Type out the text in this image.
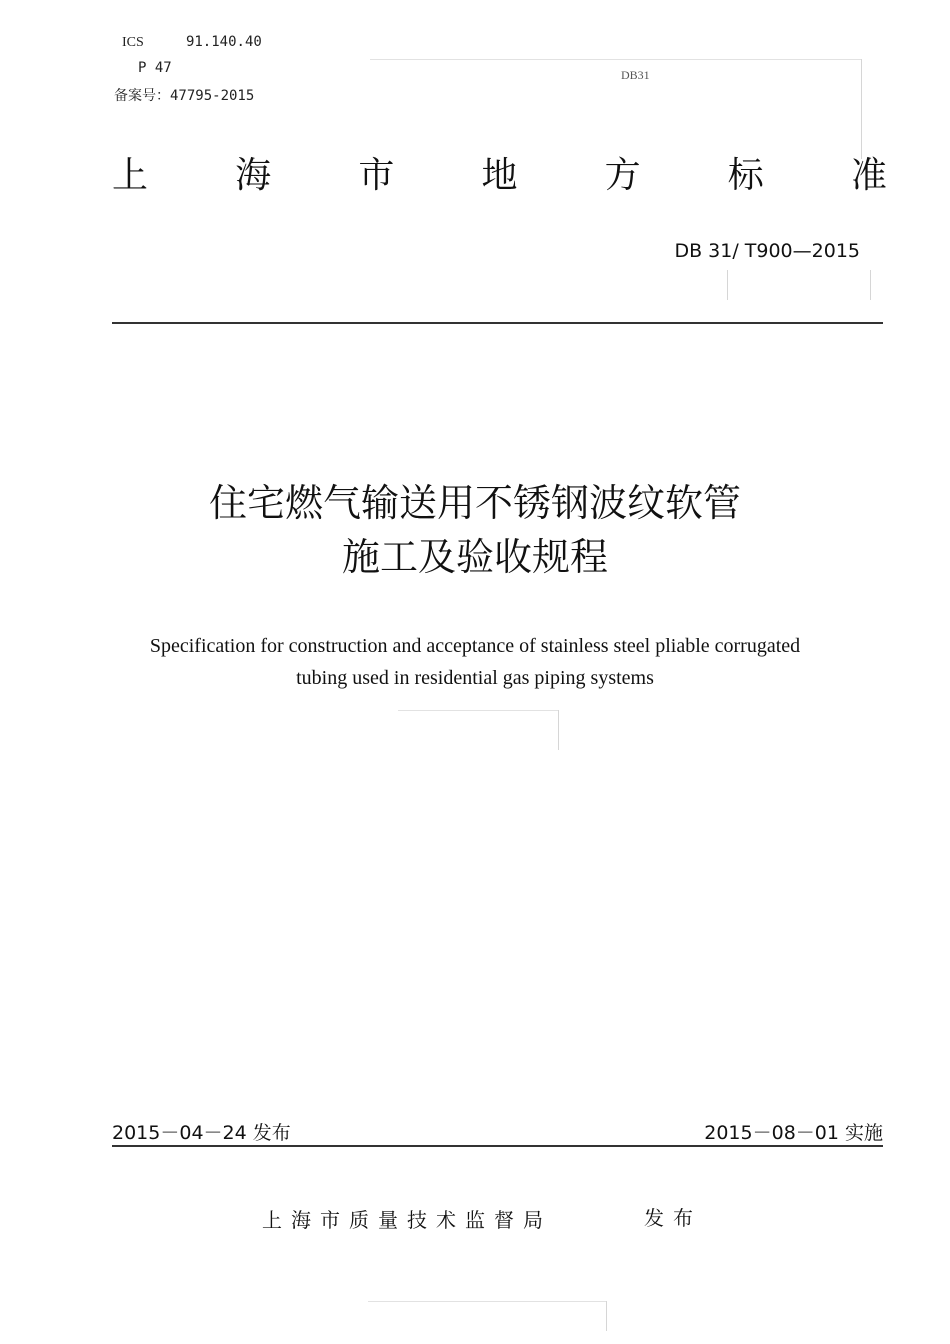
ICS	91.140.40
P 47
备案号：47795-2015
DB31
上 海 市 地 方 标 准
DB 31/ T900—2015
住宅燃气输送用不锈钢波纹软管
施工及验收规程
Specification for construction and acceptance of stainless steel pliable corrugated
tubing used in residential gas piping systems
2015－04－24 发布	2015－08－01 实施
上海市质量技术监督局	发布
